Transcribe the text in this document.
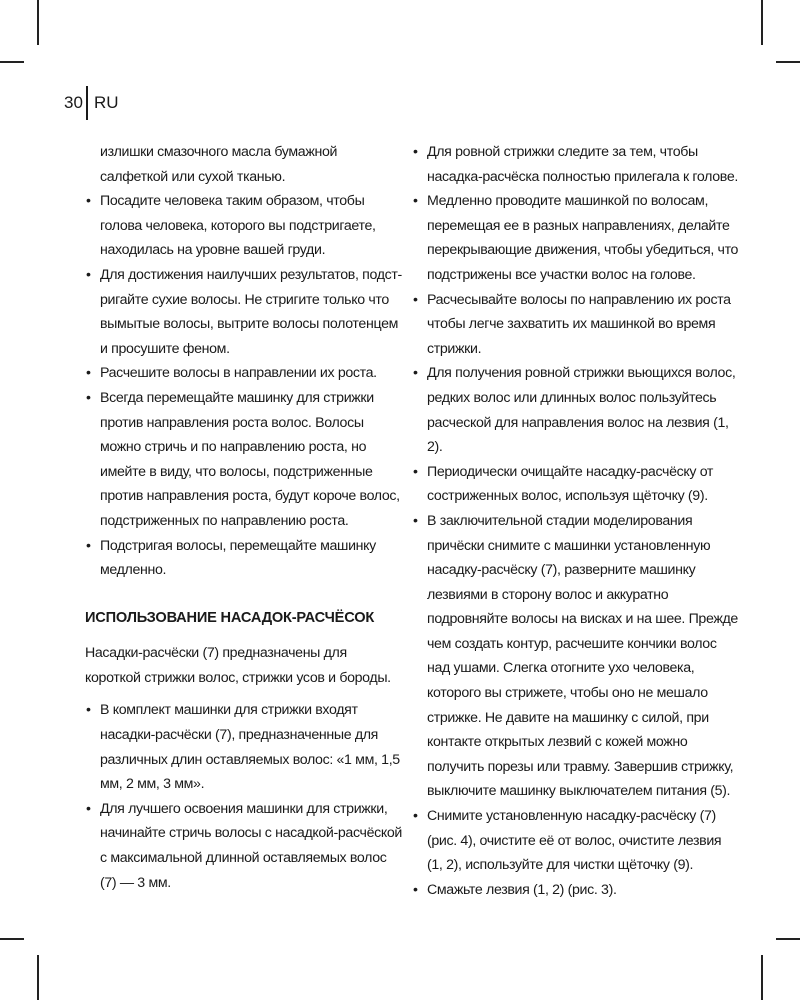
30 RU

излишки смазочного масла бумажной салфеткой или сухой тканью.

• Посадите человека таким образом, чтобы голова человека, которого вы подстригаете, находилась на уровне вашей груди.
• Для достижения наилучших результатов, подстригайте сухие волосы. Не стригите только что вымытые волосы, вытрите волосы полотенцем и просушите феном.
• Расчешите волосы в направлении их роста.
• Всегда перемещайте машинку для стрижки против направления роста волос. Волосы можно стричь и по направлению роста, но имейте в виду, что волосы, подстриженные против направления роста, будут короче волос, подстриженных по направлению роста.
• Подстригая волосы, перемещайте машинку медленно.
ИСПОЛЬЗОВАНИЕ НАСАДОК-РАСЧЁСОК

Насадки-расчёски (7) предназначены для короткой стрижки волос, стрижки усов и бороды.

• В комплект машинки для стрижки входят насадки-расчёски (7), предназначенные для различных длин оставляемых волос: «1 мм, 1,5 мм, 2 мм, 3 мм».
• Для лучшего освоения машинки для стрижки, начинайте стричь волосы с насадкой-расчёской с максимальной длинной оставляемых волос (7) — 3 мм.
• Для ровной стрижки следите за тем, чтобы насадка-расчёска полностью прилегала к голове.
• Медленно проводите машинкой по волосам, перемещая ее в разных направлениях, делайте перекрывающие движения, чтобы убедиться, что подстрижены все участки волос на голове.
• Расчесывайте волосы по направлению их роста чтобы легче захватить их машинкой во время стрижки.
• Для получения ровной стрижки вьющихся волос, редких волос или длинных волос пользуйтесь расческой для направления волос на лезвия (1, 2).
• Периодически очищайте насадку-расчёску от состриженных волос, используя щёточку (9).
• В заключительной стадии моделирования причёски снимите с машинки установленную насадку-расчёску (7), разверните машинку лезвиями в сторону волос и аккуратно подровняйте волосы на висках и на шее. Прежде чем создать контур, расчешите кончики волос над ушами. Слегка отогните ухо человека, которого вы стрижете, чтобы оно не мешало стрижке. Не давите на машинку с силой, при контакте открытых лезвий с кожей можно получить порезы или травму. Завершив стрижку, выключите машинку выключателем питания (5).
• Снимите установленную насадку-расчёску (7) (рис. 4), очистите её от волос, очистите лезвия (1, 2), используйте для чистки щёточку (9).
• Смажьте лезвия (1, 2) (рис. 3).
